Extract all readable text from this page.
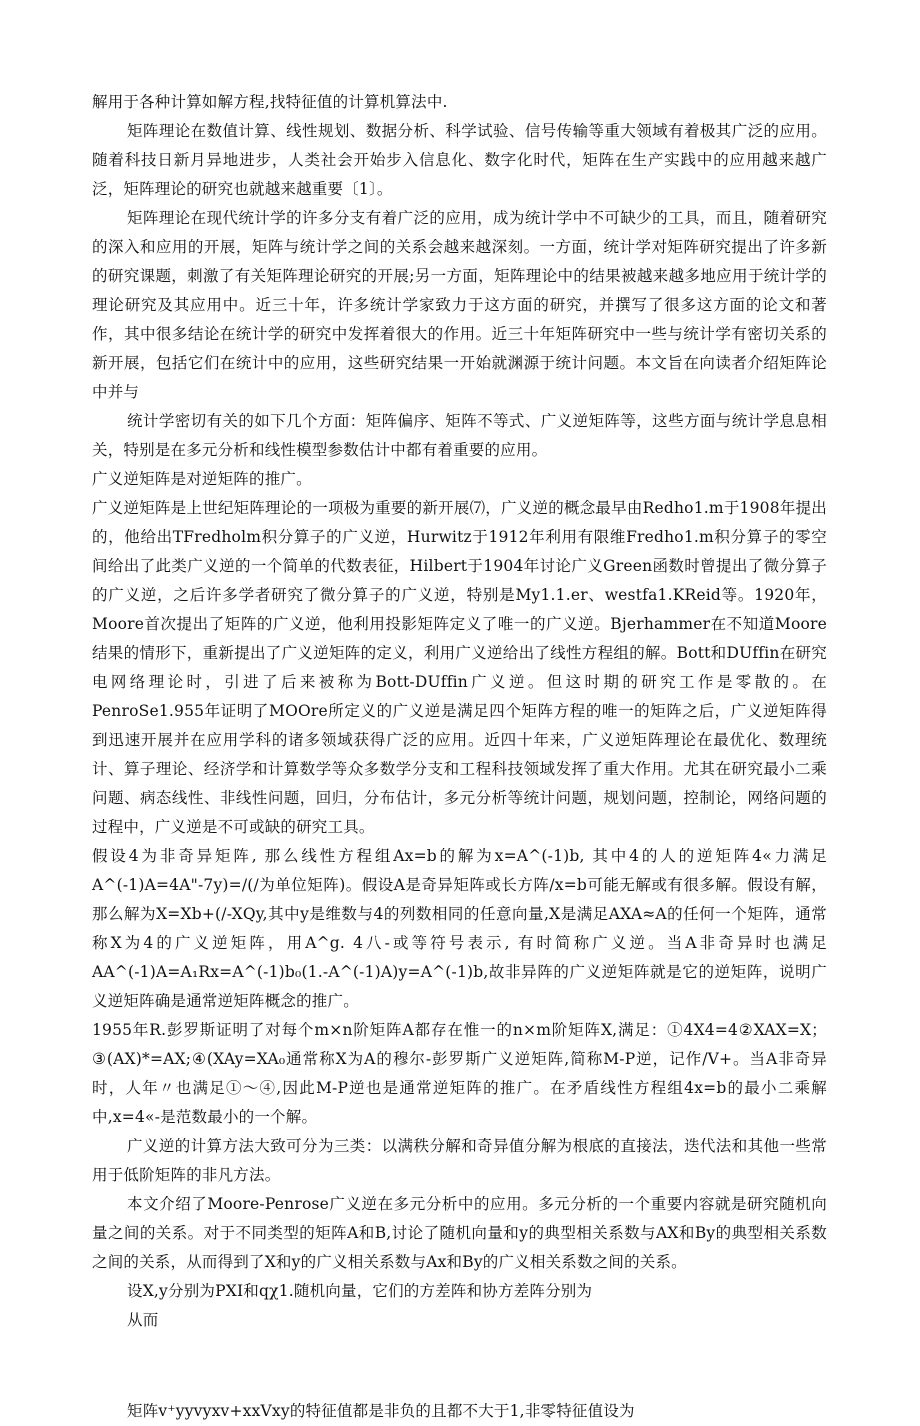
解用于各种计算如解方程,找特征值的计算机算法中.

矩阵理论在数值计算、线性规划、数据分析、科学试验、信号传输等重大领域有着极其广泛的应用。随着科技日新月异地进步，人类社会开始步入信息化、数字化时代，矩阵在生产实践中的应用越来越广泛，矩阵理论的研究也就越来越重要〔1〕。

矩阵理论在现代统计学的许多分支有着广泛的应用，成为统计学中不可缺少的工具，而且，随着研究的深入和应用的开展，矩阵与统计学之间的关系会越来越深刻。一方面，统计学对矩阵研究提出了许多新的研究课题，刺激了有关矩阵理论研究的开展;另一方面，矩阵理论中的结果被越来越多地应用于统计学的理论研究及其应用中。近三十年，许多统计学家致力于这方面的研究，并撰写了很多这方面的论文和著作，其中很多结论在统计学的研究中发挥着很大的作用。近三十年矩阵研究中一些与统计学有密切关系的新开展，包括它们在统计中的应用，这些研究结果一开始就渊源于统计问题。本文旨在向读者介绍矩阵论中并与

统计学密切有关的如下几个方面：矩阵偏序、矩阵不等式、广义逆矩阵等，这些方面与统计学息息相关，特别是在多元分析和线性模型参数估计中都有着重要的应用。

广义逆矩阵是对逆矩阵的推广。

广义逆矩阵是上世纪矩阵理论的一项极为重要的新开展⑺，广义逆的概念最早由Redho1.m于1908年提出的，他给出TFredholm积分算子的广义逆，Hurwitz于1912年利用有限维Fredho1.m积分算子的零空间给出了此类广义逆的一个简单的代数表征，Hilbert于1904年讨论广义Green函数时曾提出了微分算子的广义逆，之后许多学者研究了微分算子的广义逆，特别是My1.1.er、westfa1.KReid等。1920年，Moore首次提出了矩阵的广义逆，他利用投影矩阵定义了唯一的广义逆。Bjerhammer在不知道Moore结果的情形下，重新提出了广义逆矩阵的定义，利用广义逆给出了线性方程组的解。Bott和DUffin在研究电网络理论时，引进了后来被称为Bott-DUffin广义逆。但这时期的研究工作是零散的。在PenroSe1.955年证明了MOOre所定义的广义逆是满足四个矩阵方程的唯一的矩阵之后，广义逆矩阵得到迅速开展并在应用学科的诸多领域获得广泛的应用。近四十年来，广义逆矩阵理论在最优化、数理统计、算子理论、经济学和计算数学等众多数学分支和工程科技领域发挥了重大作用。尤其在研究最小二乘问题、病态线性、非线性问题，回归，分布估计，多元分析等统计问题，规划问题，控制论，网络问题的过程中，广义逆是不可或缺的研究工具。

假设4为非奇异矩阵, 那么线性方程组Ax=b的解为x=A^(-1)b, 其中4的人的逆矩阵4«力满足A^(-1)A=4A"-7y)=/(/为单位矩阵)。假设A是奇异矩阵或长方阵/x=b可能无解或有很多解。假设有解，那么解为X=Xb+(/-XQy,其中y是维数与4的列数相同的任意向量,X是满足AXA≈A的任何一个矩阵，通常称X为4的广义逆矩阵，用A^g. 4八-或等符号表示, 有时简称广义逆。当A非奇异时也满足AA^(-1)A=A₁Rx=A^(-1)b₀(1.-A^(-1)A)y=A^(-1)b,故非异阵的广义逆矩阵就是它的逆矩阵，说明广义逆矩阵确是通常逆矩阵概念的推广。

1955年R.彭罗斯证明了对每个m×n阶矩阵A都存在惟一的n×m阶矩阵X,满足：①4X4=4②XAX=X；③(AX)*=AX;④(XAy=XA₀通常称X为A的穆尔-彭罗斯广义逆矩阵,简称M-P逆，记作/V+。当A非奇异时，人年〃也满足①～④,因此M-P逆也是通常逆矩阵的推广。在矛盾线性方程组4x=b的最小二乘解中,x=4«-是范数最小的一个解。

广义逆的计算方法大致可分为三类：以满秩分解和奇异值分解为根底的直接法，迭代法和其他一些常用于低阶矩阵的非凡方法。

本文介绍了Moore-Penrose广义逆在多元分析中的应用。多元分析的一个重要内容就是研究随机向量之间的关系。对于不同类型的矩阵A和B,讨论了随机向量和y的典型相关系数与AX和By的典型相关系数之间的关系，从而得到了X和y的广义相关系数与Ax和By的广义相关系数之间的关系。

设X,y分别为PXI和qχ1.随机向量，它们的方差阵和协方差阵分别为

从而

矩阵v⁺yyvyxv+xxVxy的特征值都是非负的且都不大于1,非零特征值设为
